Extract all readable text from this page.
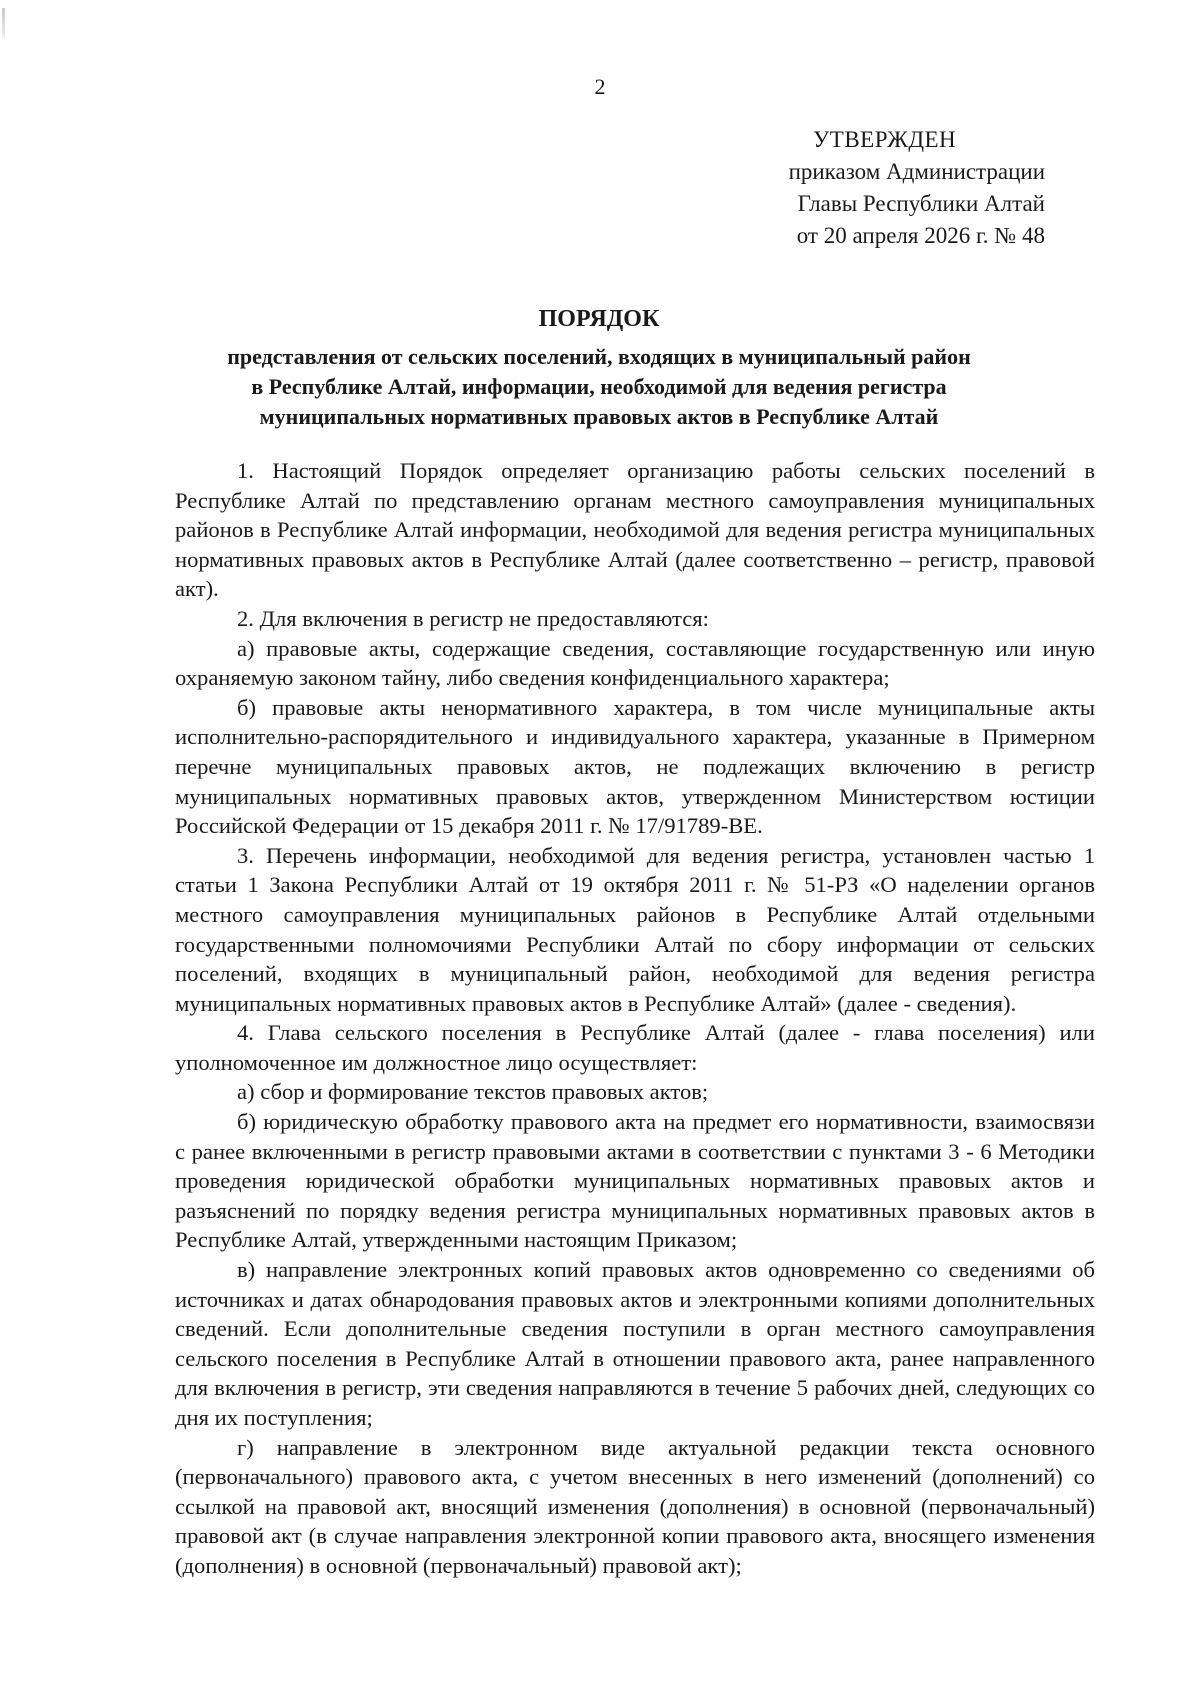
2
УТВЕРЖДЕН
приказом Администрации
Главы Республики Алтай
от 20 апреля 2026 г. № 48
ПОРЯДОК
представления от сельских поселений, входящих в муниципальный район
в Республике Алтай, информации, необходимой для ведения регистра
муниципальных нормативных правовых актов в Республике Алтай

1. Настоящий Порядок определяет организацию работы сельских поселений в Республике Алтай по представлению органам местного самоуправления муниципальных районов в Республике Алтай информации, необходимой для ведения регистра муниципальных нормативных правовых актов в Республике Алтай (далее соответственно – регистр, правовой акт).

2. Для включения в регистр не предоставляются:

а) правовые акты, содержащие сведения, составляющие государственную или иную охраняемую законом тайну, либо сведения конфиденциального характера;

б) правовые акты ненормативного характера, в том числе муниципальные акты исполнительно-распорядительного и индивидуального характера, указанные в Примерном перечне муниципальных правовых актов, не подлежащих включению в регистр муниципальных нормативных правовых актов, утвержденном Министерством юстиции Российской Федерации от 15 декабря 2011 г. № 17/91789-ВЕ.

3. Перечень информации, необходимой для ведения регистра, установлен частью 1 статьи 1 Закона Республики Алтай от 19 октября 2011 г. № 51-РЗ «О наделении органов местного самоуправления муниципальных районов в Республике Алтай отдельными государственными полномочиями Республики Алтай по сбору информации от сельских поселений, входящих в муниципальный район, необходимой для ведения регистра муниципальных нормативных правовых актов в Республике Алтай» (далее - сведения).

4. Глава сельского поселения в Республике Алтай (далее - глава поселения) или уполномоченное им должностное лицо осуществляет:

а) сбор и формирование текстов правовых актов;

б) юридическую обработку правового акта на предмет его нормативности, взаимосвязи с ранее включенными в регистр правовыми актами в соответствии с пунктами 3 - 6 Методики проведения юридической обработки муниципальных нормативных правовых актов и разъяснений по порядку ведения регистра муниципальных нормативных правовых актов в Республике Алтай, утвержденными настоящим Приказом;

в) направление электронных копий правовых актов одновременно со сведениями об источниках и датах обнародования правовых актов и электронными копиями дополнительных сведений. Если дополнительные сведения поступили в орган местного самоуправления сельского поселения в Республике Алтай в отношении правового акта, ранее направленного для включения в регистр, эти сведения направляются в течение 5 рабочих дней, следующих со дня их поступления;

г) направление в электронном виде актуальной редакции текста основного (первоначального) правового акта, с учетом внесенных в него изменений (дополнений) со ссылкой на правовой акт, вносящий изменения (дополнения) в основной (первоначальный) правовой акт (в случае направления электронной копии правового акта, вносящего изменения (дополнения) в основной (первоначальный) правовой акт);
